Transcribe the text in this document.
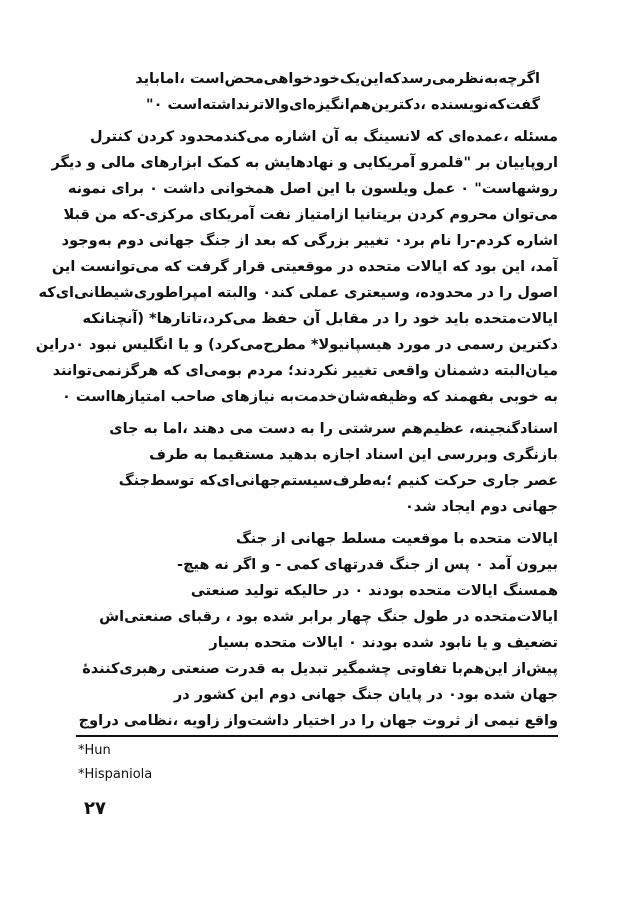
اگرچه‌به‌نظرمی‌رسدکه‌این‌یک‌خودخواهی‌محض‌است ،امابا‌ید
گفت‌که‌نویسنده ،دکترین‌هم‌انگیزه‌ای‌والاتر‌نداشته‌است ۰"
مسئله ،عمده‌ای که لانسینگ به آن اشاره می‌کند‌محدود کردن کنترل
اروپاییان بر "قلمرو آمریکایی و نهادهایش به کمک ابزارهای مالی و دیگر
روشهاست" ۰ عمل ویلسون با این اصل همخوانی داشت ۰ برای نمونه
می‌توان محروم کردن بریتانیا ازامتیاز نفت آمریکای مرکزی-که من قبلا
اشاره کردم-را نام برد۰ تغییر بزرگی که بعد از جنگ جهانی دوم به‌وجود
آمد، این بود که ایالات متحده در موقعیتی قرار گرفت که می‌توانست این
اصول را در محدوده، وسیعتری عملی کند۰ والبته امپراطوری‌شیطانی‌ای‌که
ایالات‌متحده باید خود را در مقابل آن حفظ می‌کرد،تاتارها* (آنچنانکه
دکترین رسمی در مورد هیسپانیولا* مطرح‌می‌کرد) و یا انگلیس نبود ۰دراین
میان‌البته دشمنان واقعی تغییر نکردند؛ مردم بومی‌ای که هرگزنمی‌توانند
به خوبی بفهمند که وظیفه‌شان‌خدمت‌به نیازهای صاحب امتیازهااست ۰
اسناد‌گنجینه، عظیم‌هم سرشتی را به دست می دهند ،اما به جای
بازنگری وبررسی این اسناد اجازه بدهید مستقیما به طرف
عصر جاری حرکت کنیم ؛به‌طرف‌سیستم‌جهانی‌ای‌که توسط‌جنگ
جهانی دوم ایجاد شد۰
ایالات متحده با موقعیت مسلط جهانی از جنگ
بیرون آمد ۰ پس از جنگ قدرتهای کمی - و اگر نه هیچ-
همسنگ ایالات متحده بودند ۰ در حالیکه تولید صنعتی
ایالات‌متحده در طول جنگ چهار برابر شده بود ، رقبای صنعتی‌اش
تضعیف و یا نابود شده بودند ۰ ایالات متحده بسیار
پیش‌از این‌هم‌با تفاوتی چشمگیر تبدیل به قدرت صنعتی رهبری‌کننده‌ٔ
جهان شده بود۰ در پایان جنگ جهانی دوم این کشور در
واقع نیمی از ثروت جهان را در اختیار داشت‌واز زاویه ،نظامی دراوج
*Hun
*Hispaniola
۲۷
